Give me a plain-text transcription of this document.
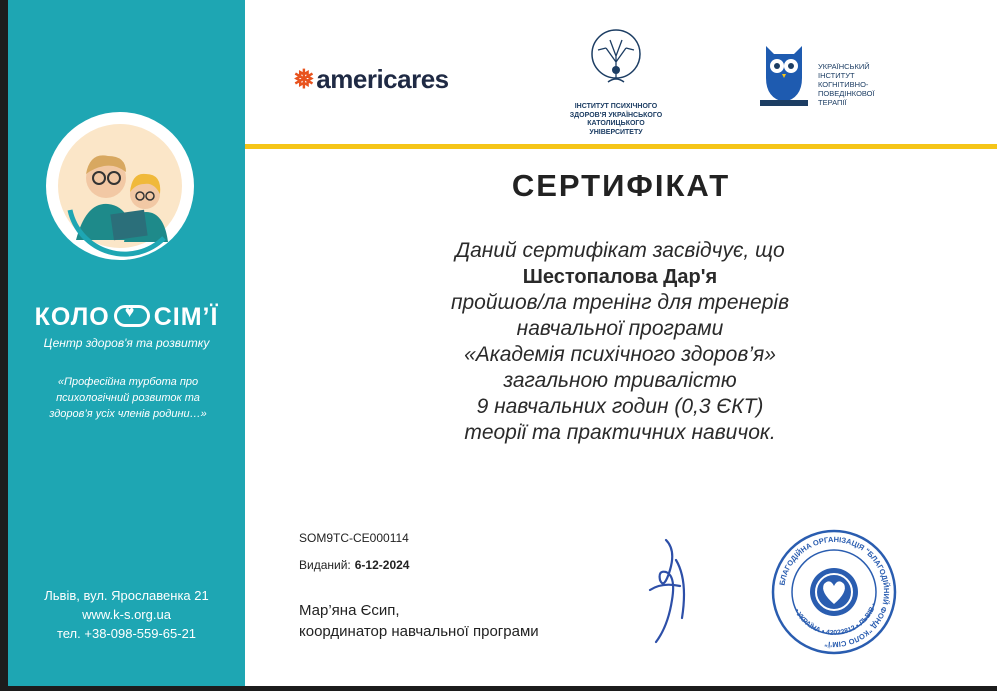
КОЛО♥ СІМ’Ї
Центр здоров'я та розвитку
«Професійна турбота про психологічний розвиток та здоров’я усіх членів родини…»
Львів, вул. Ярославенка 21
www.k-s.org.ua
тел. +38-098-559-65-21
❅americares
ІНСТИТУТ ПСИХІЧНОГО
ЗДОРОВ'Я УКРАЇНСЬКОГО
КАТОЛИЦЬКОГО
УНІВЕРСИТЕТУ
УКРАЇНСЬКИЙ
ІНСТИТУТ
КОГНІТИВНО-
ПОВЕДІНКОВОЇ
ТЕРАПІЇ
СЕРТИФІКАТ
Даний сертифікат засвідчує, що
Шестопалова Дар'я
пройшов/ла тренінг для тренерів
навчальної програми
«Академія психічного здоров’я»
загальною тривалістю
9 навчальних годин (0,3 ЄКТ)
теорії та практичних навичок.
SOM9TC-CE000114
Виданий: 6-12-2024
Мар’яна Єсип,
координатор навчальної програми
БЛАГОДІЙНА ОРГАНІЗАЦІЯ "БЛАГОДІЙНИЙ ФОНД "КОЛО СІМ'Ї"
• УКРАЇНА • 42022812 • ЛЬВІВ •
